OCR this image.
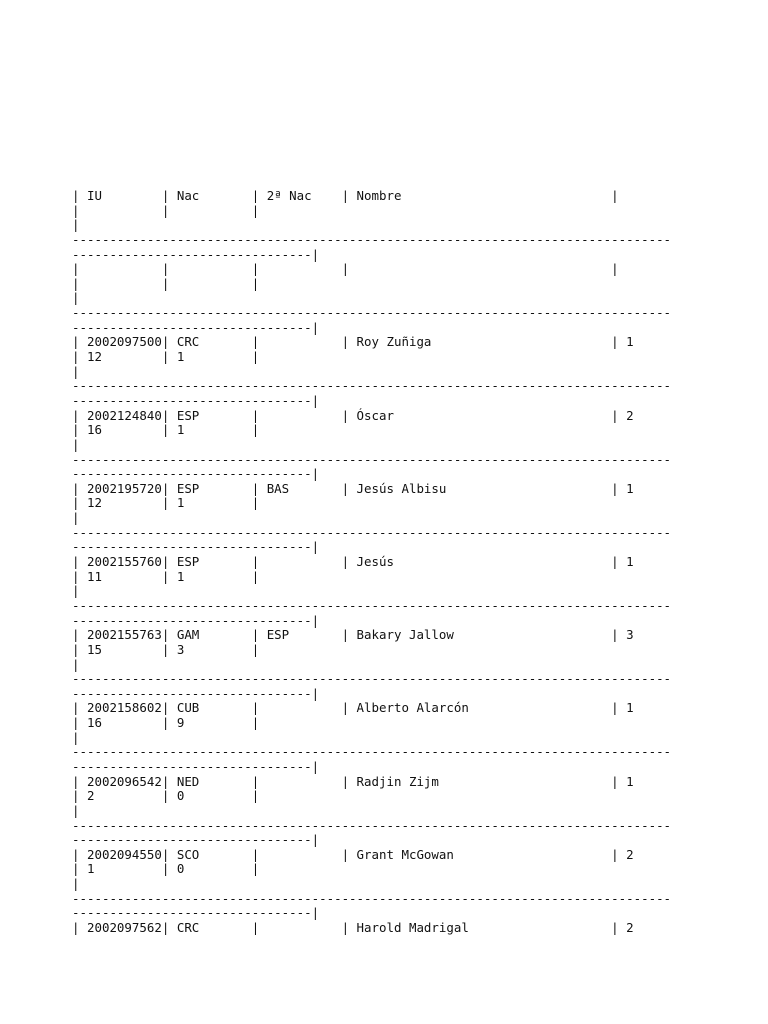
| IU        | Nac       | 2ª Nac    | Nombre                            |
|           |           |
|
--------------------------------------------------------------------------------
--------------------------------|
|           |           |           |                                   |
|           |           |
|
--------------------------------------------------------------------------------
--------------------------------|
| 2002097500| CRC       |           | Roy Zuñiga                        | 1
| 12        | 1         |
|
--------------------------------------------------------------------------------
--------------------------------|
| 2002124840| ESP       |           | Óscar                             | 2
| 16        | 1         |
|
--------------------------------------------------------------------------------
--------------------------------|
| 2002195720| ESP       | BAS       | Jesús Albisu                      | 1
| 12        | 1         |
|
--------------------------------------------------------------------------------
--------------------------------|
| 2002155760| ESP       |           | Jesús                             | 1
| 11        | 1         |
|
--------------------------------------------------------------------------------
--------------------------------|
| 2002155763| GAM       | ESP       | Bakary Jallow                     | 3
| 15        | 3         |
|
--------------------------------------------------------------------------------
--------------------------------|
| 2002158602| CUB       |           | Alberto Alarcón                   | 1
| 16        | 9         |
|
--------------------------------------------------------------------------------
--------------------------------|
| 2002096542| NED       |           | Radjin Zijm                       | 1
| 2         | 0         |
|
--------------------------------------------------------------------------------
--------------------------------|
| 2002094550| SCO       |           | Grant McGowan                     | 2
| 1         | 0         |
|
--------------------------------------------------------------------------------
--------------------------------|
| 2002097562| CRC       |           | Harold Madrigal                   | 2
